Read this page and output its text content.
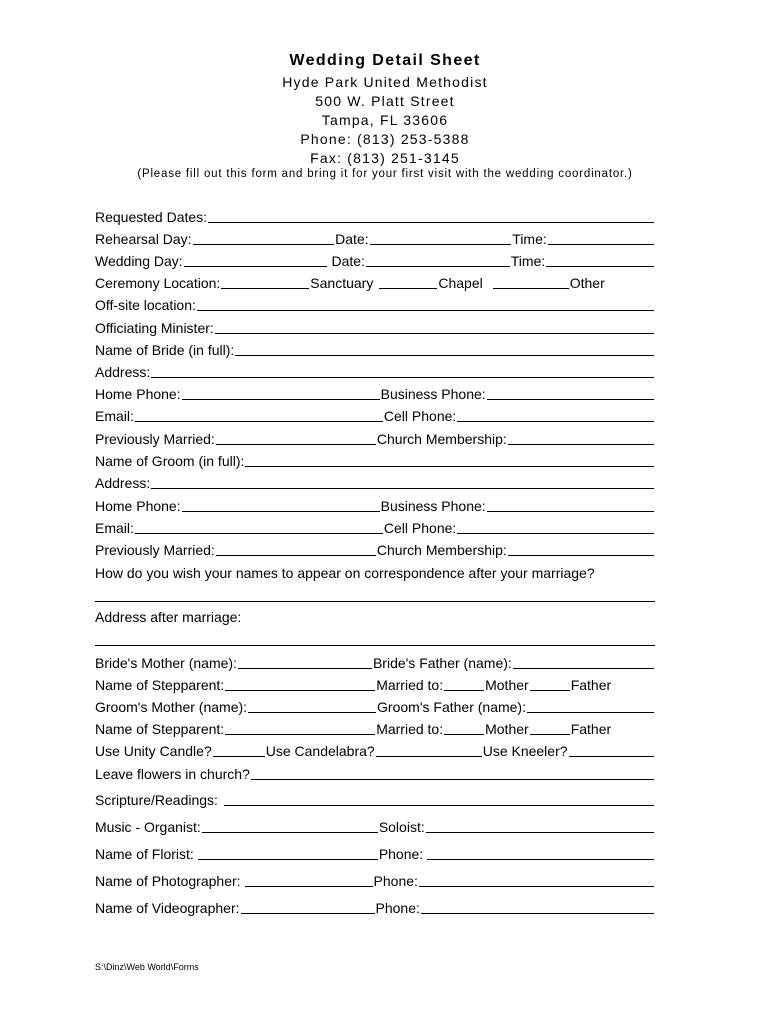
Wedding Detail Sheet
Hyde Park United Methodist
500 W. Platt Street
Tampa, FL 33606
Phone: (813) 253-5388
Fax: (813) 251-3145
(Please fill out this form and bring it for your first visit with the wedding coordinator.)
Requested Dates:
Rehearsal Day:	Date:	Time:
Wedding Day:	Date:	Time:
Ceremony Location:	Sanctuary	Chapel	Other
Off-site location:
Officiating Minister:
Name of Bride (in full):
Address:
Home Phone:	Business Phone:
Email:	Cell Phone:
Previously Married:	Church Membership:
Name of Groom (in full):
Address:
Home Phone:	Business Phone:
Email:	Cell Phone:
Previously Married:	Church Membership:
How do you wish your names to appear on correspondence after your marriage?
Address after marriage:
Bride's Mother (name):	Bride's Father (name):
Name of Stepparent:	Married to:	Mother	Father
Groom's Mother (name):	Groom's Father (name):
Name of Stepparent:	Married to:	Mother	Father
Use Unity Candle?	Use Candelabra?	Use Kneeler?
Leave flowers in church?
Scripture/Readings:
Music - Organist:	Soloist:
Name of Florist:	Phone:
Name of Photographer:	Phone:
Name of Videographer:	Phone:
S:\Dinz\Web World\Forms
